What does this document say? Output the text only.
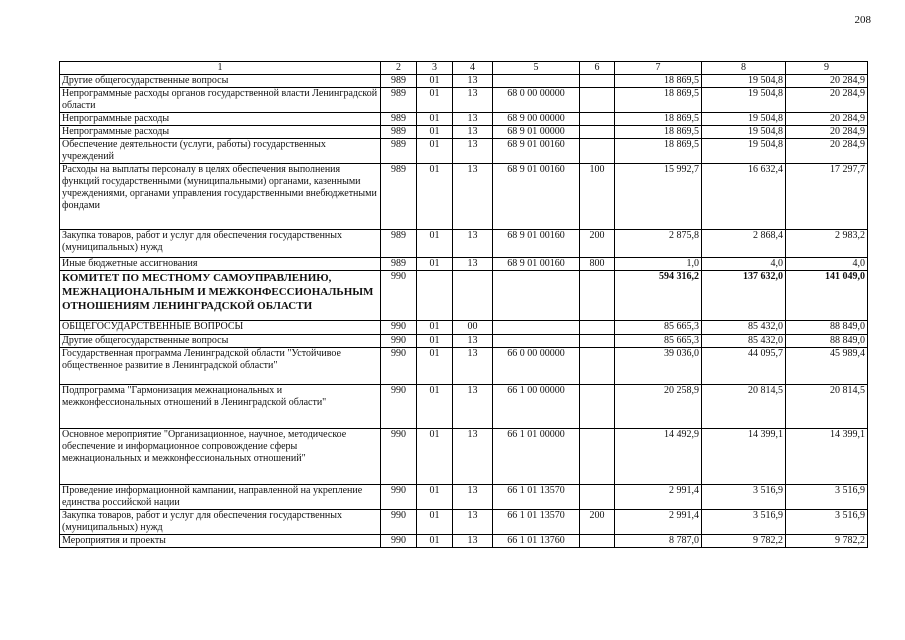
208
1	2	3	4	5	6	7	8	9
Другие общегосударственные вопросы	989	01	13			18 869,5	19 504,8	20 284,9
Непрограммные расходы органов государственной власти Ленинградской области	989	01	13	68 0 00 00000		18 869,5	19 504,8	20 284,9
Непрограммные расходы	989	01	13	68 9 00 00000		18 869,5	19 504,8	20 284,9
Непрограммные расходы	989	01	13	68 9 01 00000		18 869,5	19 504,8	20 284,9
Обеспечение деятельности (услуги, работы) государственных учреждений	989	01	13	68 9 01 00160		18 869,5	19 504,8	20 284,9
Расходы на выплаты персоналу в целях обеспечения выполнения функций государственными (муниципальными) органами, казенными учреждениями, органами управления государственными внебюджетными фондами	989	01	13	68 9 01 00160	100	15 992,7	16 632,4	17 297,7
Закупка товаров, работ и услуг для обеспечения государственных (муниципальных) нужд	989	01	13	68 9 01 00160	200	2 875,8	2 868,4	2 983,2
Иные бюджетные ассигнования	989	01	13	68 9 01 00160	800	1,0	4,0	4,0
КОМИТЕТ ПО МЕСТНОМУ САМОУПРАВЛЕНИЮ, МЕЖНАЦИОНАЛЬНЫМ И МЕЖКОНФЕССИОНАЛЬНЫМ ОТНОШЕНИЯМ ЛЕНИНГРАДСКОЙ ОБЛАСТИ	990					594 316,2	137 632,0	141 049,0
ОБЩЕГОСУДАРСТВЕННЫЕ ВОПРОСЫ	990	01	00			85 665,3	85 432,0	88 849,0
Другие общегосударственные вопросы	990	01	13			85 665,3	85 432,0	88 849,0
Государственная программа Ленинградской области "Устойчивое общественное развитие в Ленинградской области"	990	01	13	66 0 00 00000		39 036,0	44 095,7	45 989,4
Подпрограмма "Гармонизация межнациональных и межконфессиональных отношений в Ленинградской области"	990	01	13	66 1 00 00000		20 258,9	20 814,5	20 814,5
Основное мероприятие "Организационное, научное, методическое обеспечение и информационное сопровождение сферы межнациональных и межконфессиональных отношений"	990	01	13	66 1 01 00000		14 492,9	14 399,1	14 399,1
Проведение информационной кампании, направленной на укрепление единства российской нации	990	01	13	66 1 01 13570		2 991,4	3 516,9	3 516,9
Закупка товаров, работ и услуг для обеспечения государственных (муниципальных) нужд	990	01	13	66 1 01 13570	200	2 991,4	3 516,9	3 516,9
Мероприятия и проекты	990	01	13	66 1 01 13760		8 787,0	9 782,2	9 782,2
